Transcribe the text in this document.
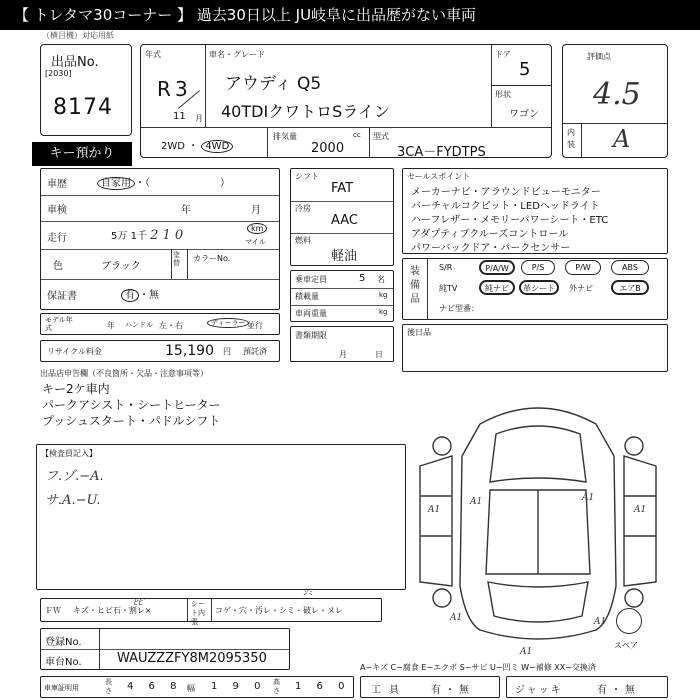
【 トレタマ30コーナー 】 過去30日以上 JU岐阜に出品歴がない車両
（横目機）対応用紙
出品No.
[2030]
8174
キー預かり
年式
R 3
11 月
車名・グレード
アウディ Q5
40TDIクワトロSライン
ドア
5
形状
ワゴン
2WD ・ 4WD
排気量
2000
cc 型式
3CA－FYDTPS
評価点
4.5
内装 A
車歴	自家用 ・（　　　　　　　）
車検	年	月
走行	5万 1千 2 1 0	km
マイル
色	ブラック
塗替	カラーNo.
保証書	有 ・無
モデル年式	年 ハンドル 左・右	ディーラー 並行
リサイクル料金	15,190 円 預託済
シフト
FAT
冷房
AAC
燃料
軽油
乗車定員	5 名
積載量	kg
車両重量	kg
書類期限
月	日
セールスポイント
メーカーナビ・アラウンドビューモニター
バーチャルコクピット・LEDヘッドライト
ハーフレザー・メモリーパワーシート・ETC
アダプティブクルーズコントロール
パワーバックドア・パークセンサー
装備品
S/R	P/A/W	P/S	P/W	ABS
純TV	純ナビ	革シート	外ナビ	エアB
ナビ型番：
後日品
出品店申告欄（不良箇所・欠品・注意事項等）
キー2ケ車内
パークアシスト・シートヒーター
プッシュスタート・パドルシフト
【検査員記入】
フ.ゾ.−A.
サ.A.−U.	A1	A1
A1	A1
A1	A1
A1
スペア
ＦＷ キズ・ヒビ石・割レ×
シート内張
コゲ・穴・汚レ・シミ・破レ・ヌレ
ﾋﾋﾞ
ｼﾐ
登録No.
車台No.	WAUZZZFY8M2095350
A−キズ C−腐食 E−エクボ S−サビ U−凹ミ W−補修 XX−交換済
車庫証明用
長さ 4 6 8 幅 1 9 0 高さ 1 6 0 工具 有・無	ジャッキ	有・無
